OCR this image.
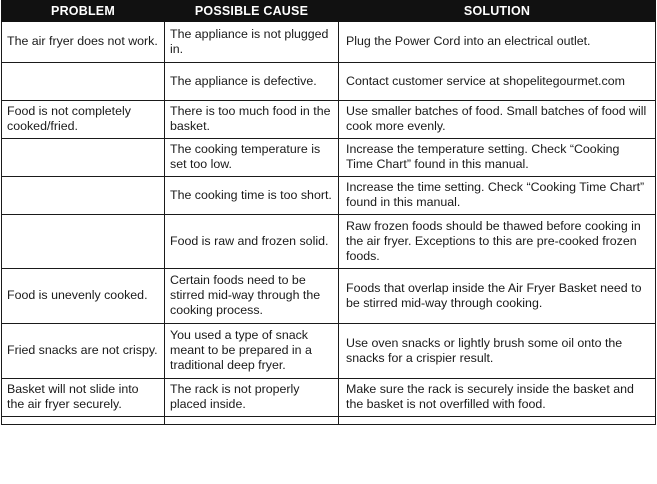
PROBLEM	POSSIBLE CAUSE	SOLUTION
The air fryer does not work.	The appliance is not plugged in.	Plug the Power Cord into an electrical outlet.
	The appliance is defective.	Contact customer service at shopelitegourmet.com
Food is not completely cooked/fried.	There is too much food in the basket.	Use smaller batches of food. Small batches of food will cook more evenly.
	The cooking temperature is set too low.	Increase the temperature setting. Check “Cooking Time Chart” found in this manual.
	The cooking time is too short.	Increase the time setting. Check “Cooking Time Chart” found in this manual.
	Food is raw and frozen solid.	Raw frozen foods should be thawed before cooking in the air fryer. Exceptions to this are pre-cooked frozen foods.
Food is unevenly cooked.	Certain foods need to be stirred mid-way through the cooking process.	Foods that overlap inside the Air Fryer Basket need to be stirred mid-way through cooking.
Fried snacks are not crispy.	You used a type of snack meant to be prepared in a traditional deep fryer.	Use oven snacks or lightly brush some oil onto the snacks for a crispier result.
Basket will not slide into the air fryer securely.	The rack is not properly placed inside.	Make sure the rack is securely inside the basket and the basket is not overfilled with food.
